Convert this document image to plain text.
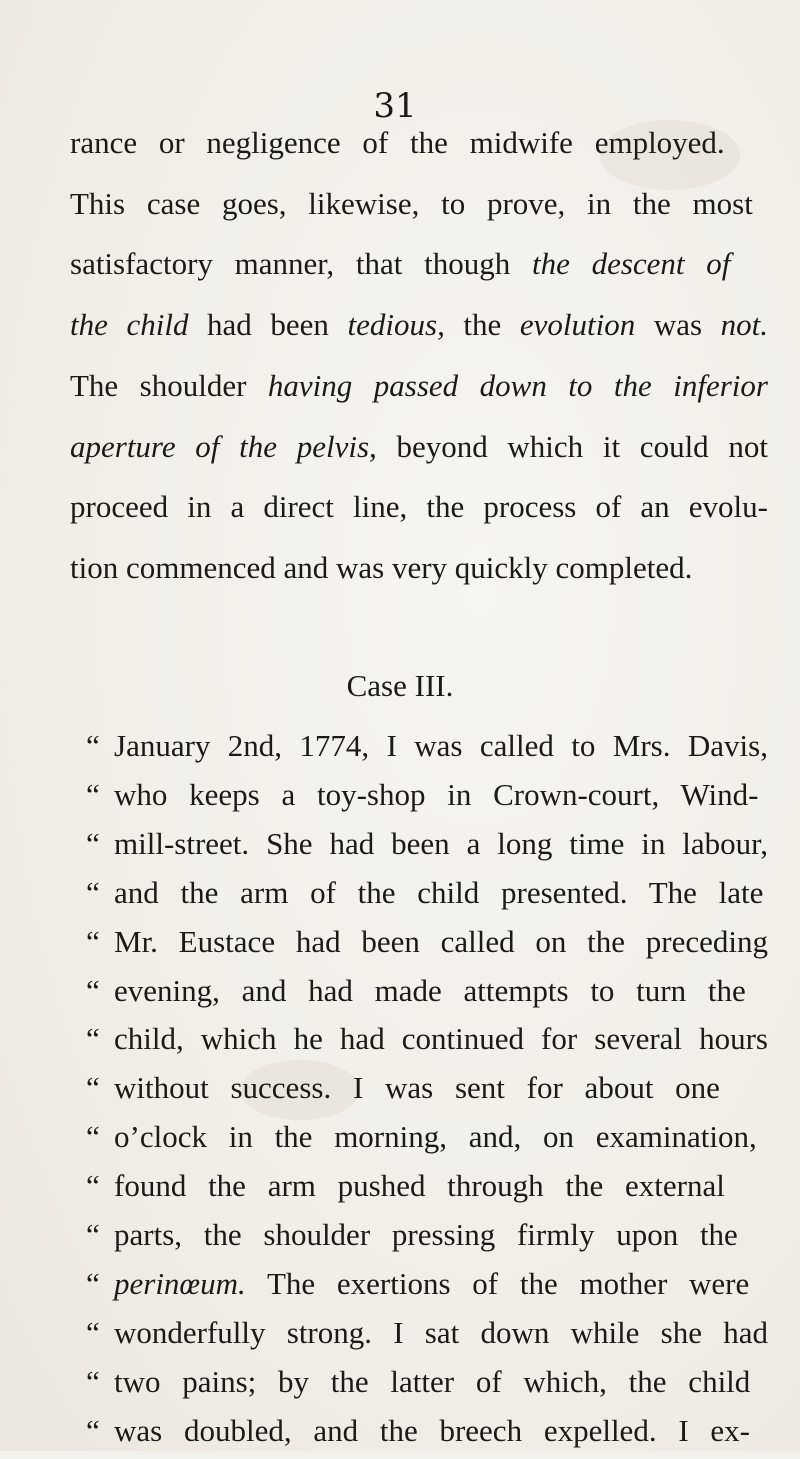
31
rance or negligence of the midwife employed.
This case goes, likewise, to prove, in the most
satisfactory manner, that though the descent of
the child had been tedious, the evolution was not.
The shoulder having passed down to the inferior
aperture of the pelvis, beyond which it could not
proceed in a direct line, the process of an evolu-
tion commenced and was very quickly completed.
Case III.
January 2nd, 1774, I was called to Mrs. Davis,
“
who keeps a toy-shop in Crown-court, Wind-
“
mill-street. She had been a long time in labour,
“
and the arm of the child presented. The late
“
Mr. Eustace had been called on the preceding
“
evening, and had made attempts to turn the
“
child, which he had continued for several hours
“
without success. I was sent for about one
“
o’clock in the morning, and, on examination,
“
found the arm pushed through the external
“
parts, the shoulder pressing firmly upon the
“
perinœum. The exertions of the mother were
“
wonderfully strong. I sat down while she had
“
two pains; by the latter of which, the child
“
was doubled, and the breech expelled. I ex-
“
